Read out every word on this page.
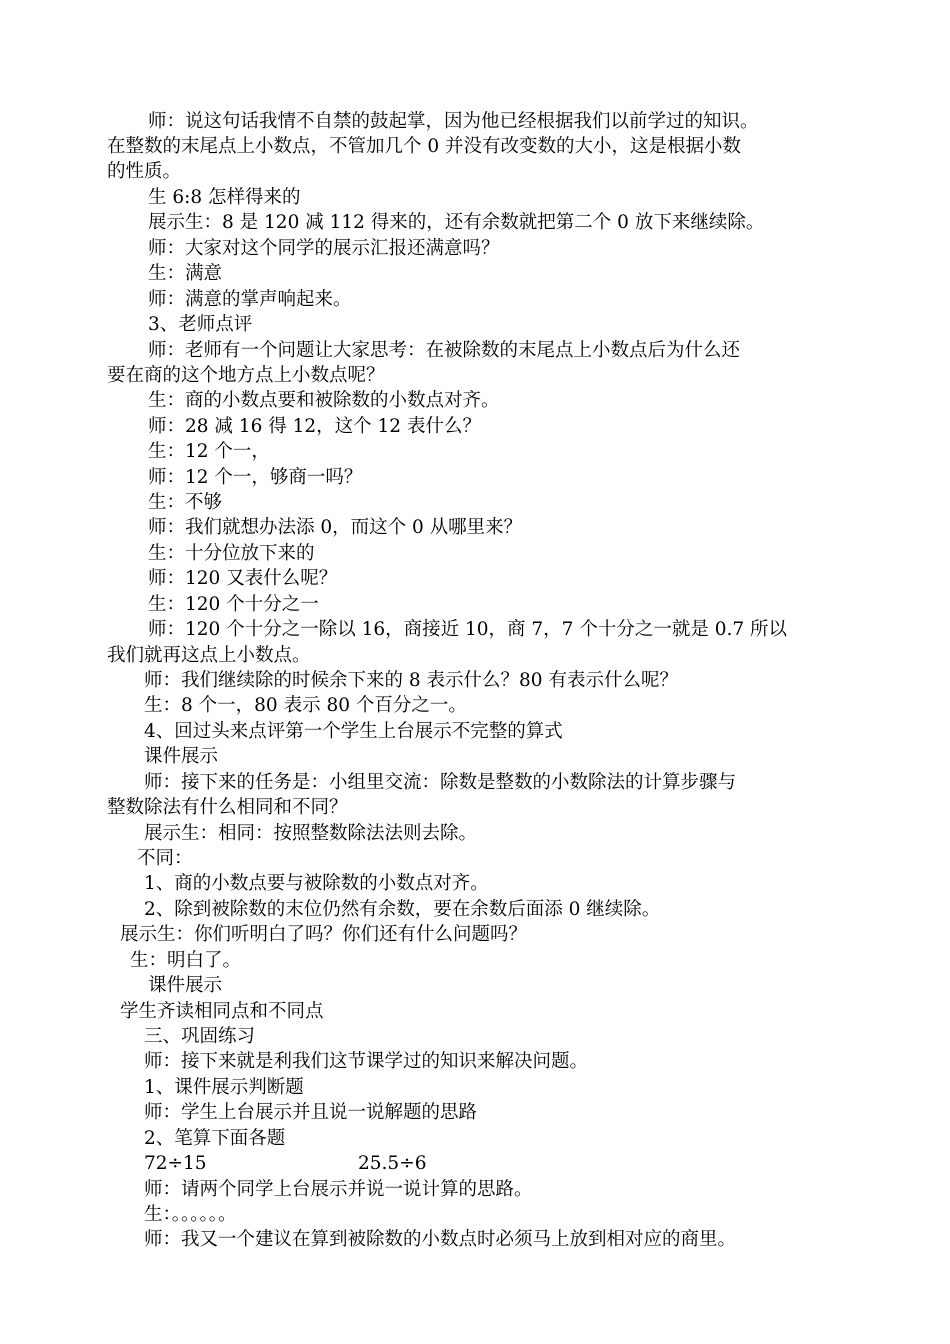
师：说这句话我情不自禁的鼓起掌，因为他已经根据我们以前学过的知识。

在整数的末尾点上小数点，不管加几个 0 并没有改变数的大小，这是根据小数

的性质。

生 6:8 怎样得来的

展示生：8 是 120 减 112 得来的，还有余数就把第二个 0 放下来继续除。

师：大家对这个同学的展示汇报还满意吗？

生：满意

师：满意的掌声响起来。

3、老师点评

师：老师有一个问题让大家思考：在被除数的末尾点上小数点后为什么还

要在商的这个地方点上小数点呢？

生：商的小数点要和被除数的小数点对齐。

师：28 减 16 得 12，这个 12 表什么？

生：12 个一，

师：12 个一，够商一吗？

生：不够

师：我们就想办法添 0，而这个 0 从哪里来？

生：十分位放下来的

师：120 又表什么呢？

生：120 个十分之一

师：120 个十分之一除以 16，商接近 10，商 7，7 个十分之一就是 0.7 所以

我们就再这点上小数点。

师：我们继续除的时候余下来的 8 表示什么？80 有表示什么呢？

生：8 个一，80 表示 80 个百分之一。

4、回过头来点评第一个学生上台展示不完整的算式

课件展示

师：接下来的任务是：小组里交流：除数是整数的小数除法的计算步骤与

整数除法有什么相同和不同？

展示生：相同：按照整数除法法则去除。

不同：

1、商的小数点要与被除数的小数点对齐。

2、除到被除数的末位仍然有余数，要在余数后面添 0 继续除。

展示生：你们听明白了吗？你们还有什么问题吗？

生：明白了。

课件展示

学生齐读相同点和不同点

三、巩固练习

师：接下来就是利我们这节课学过的知识来解决问题。

1、课件展示判断题

师：学生上台展示并且说一说解题的思路

2、笔算下面各题

72÷15	25.5÷6

师：请两个同学上台展示并说一说计算的思路。

生：。。。。。。

师：我又一个建议在算到被除数的小数点时必须马上放到相对应的商里。
